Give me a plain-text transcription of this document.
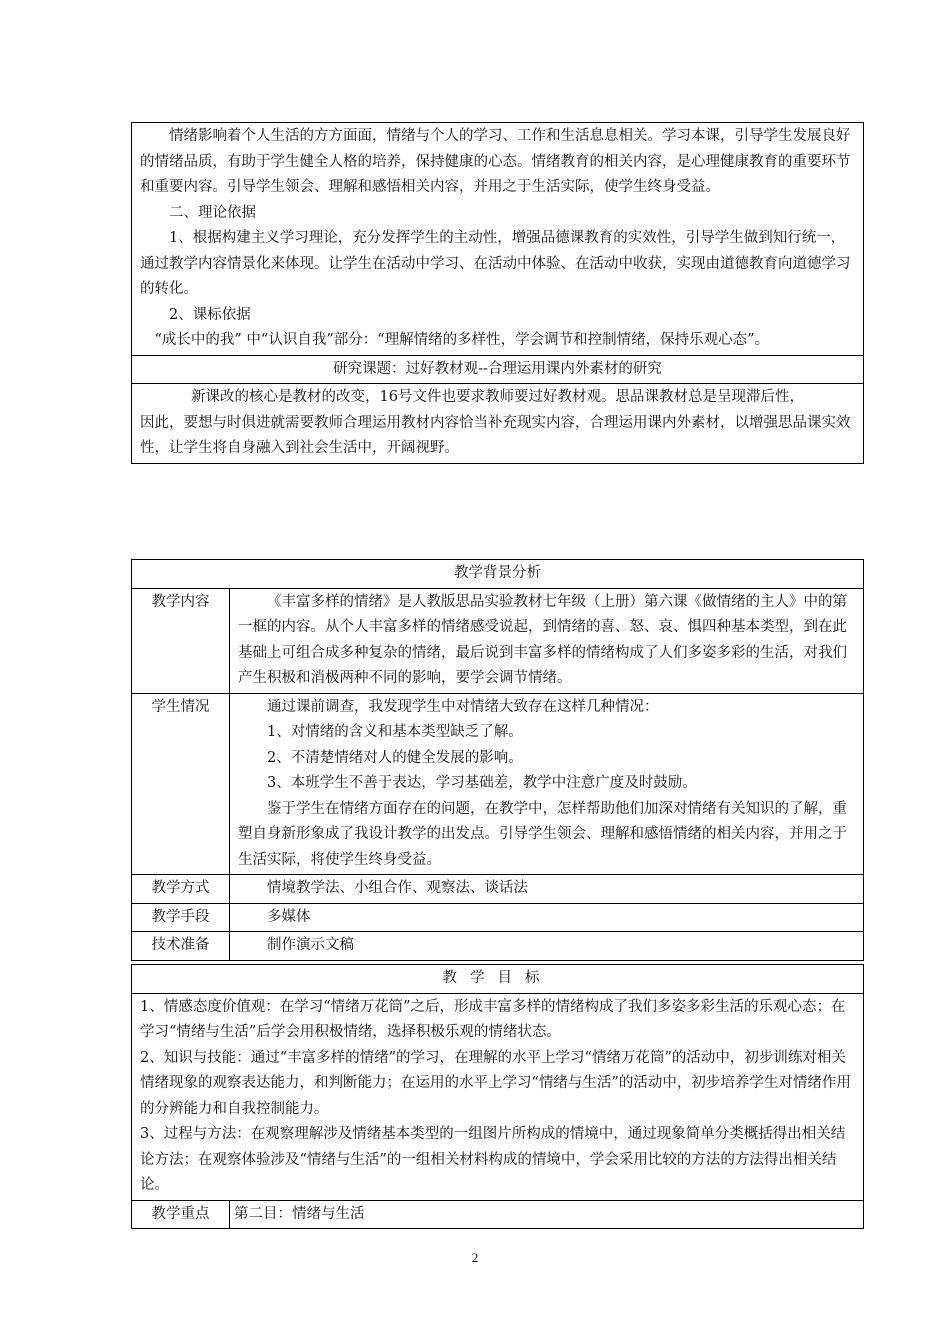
情绪影响着个人生活的方方面面，情绪与个人的学习、工作和生活息息相关。学习本课，引导学生发展良好的情绪品质，有助于学生健全人格的培养，保持健康的心态。情绪教育的相关内容，是心理健康教育的重要环节和重要内容。引导学生领会、理解和感悟相关内容，并用之于生活实际，使学生终身受益。

二、理论依据

1、根据构建主义学习理论，充分发挥学生的主动性，增强品德课教育的实效性，引导学生做到知行统一，通过教学内容情景化来体现。让学生在活动中学习、在活动中体验、在活动中收获，实现由道德教育向道德学习的转化。

2、课标依据

“成长中的我” 中“认识自我”部分：“理解情绪的多样性，学会调节和控制情绪，保持乐观心态”。

研究课题：过好教材观--合理运用课内外素材的研究

新课改的核心是教材的改变，16号文件也要求教师要过好教材观。思品课教材总是呈现滞后性，

因此，要想与时俱进就需要教师合理运用教材内容恰当补充现实内容，合理运用课内外素材，以增强思品课实效性，让学生将自身融入到社会生活中，开阔视野。

教学背景分析	
教学内容	《丰富多样的情绪》是人教版思品实验教材七年级（上册）第六课《做情绪的主人》中的第一框的内容。从个人丰富多样的情绪感受说起，到情绪的喜、怒、哀、惧四种基本类型，到在此基础上可组合成多种复杂的情绪，最后说到丰富多样的情绪构成了人们多姿多彩的生活，对我们产生积极和消极两种不同的影响，要学会调节情绪。

学生情况	通过课前调查，我发现学生中对情绪大致存在这样几种情况：

1、对情绪的含义和基本类型缺乏了解。

2、不清楚情绪对人的健全发展的影响。

3、本班学生不善于表达，学习基础差，教学中注意广度及时鼓励。

鉴于学生在情绪方面存在的问题，在教学中，怎样帮助他们加深对情绪有关知识的了解，重塑自身新形象成了我设计教学的出发点。引导学生领会、理解和感悟情绪的相关内容，并用之于生活实际，将使学生终身受益。

教学方式	情境教学法、小组合作、观察法、谈话法
教学手段	多媒体
技术准备	制作演示文稿
教学目标

1、情感态度价值观：在学习“情绪万花筒”之后，形成丰富多样的情绪构成了我们多姿多彩生活的乐观心态；在学习“情绪与生活”后学会用积极情绪，选择积极乐观的情绪状态。

2、知识与技能：通过“丰富多样的情绪”的学习，在理解的水平上学习“情绪万花筒”的活动中，初步训练对相关情绪现象的观察表达能力，和判断能力；在运用的水平上学习“情绪与生活”的活动中，初步培养学生对情绪作用的分辨能力和自我控制能力。

3、过程与方法：在观察理解涉及情绪基本类型的一组图片所构成的情境中，通过现象简单分类概括得出相关结论方法；在观察体验涉及“情绪与生活”的一组相关材料构成的情境中，学会采用比较的方法的方法得出相关结论。

教学重点	第二目：情绪与生活
2
